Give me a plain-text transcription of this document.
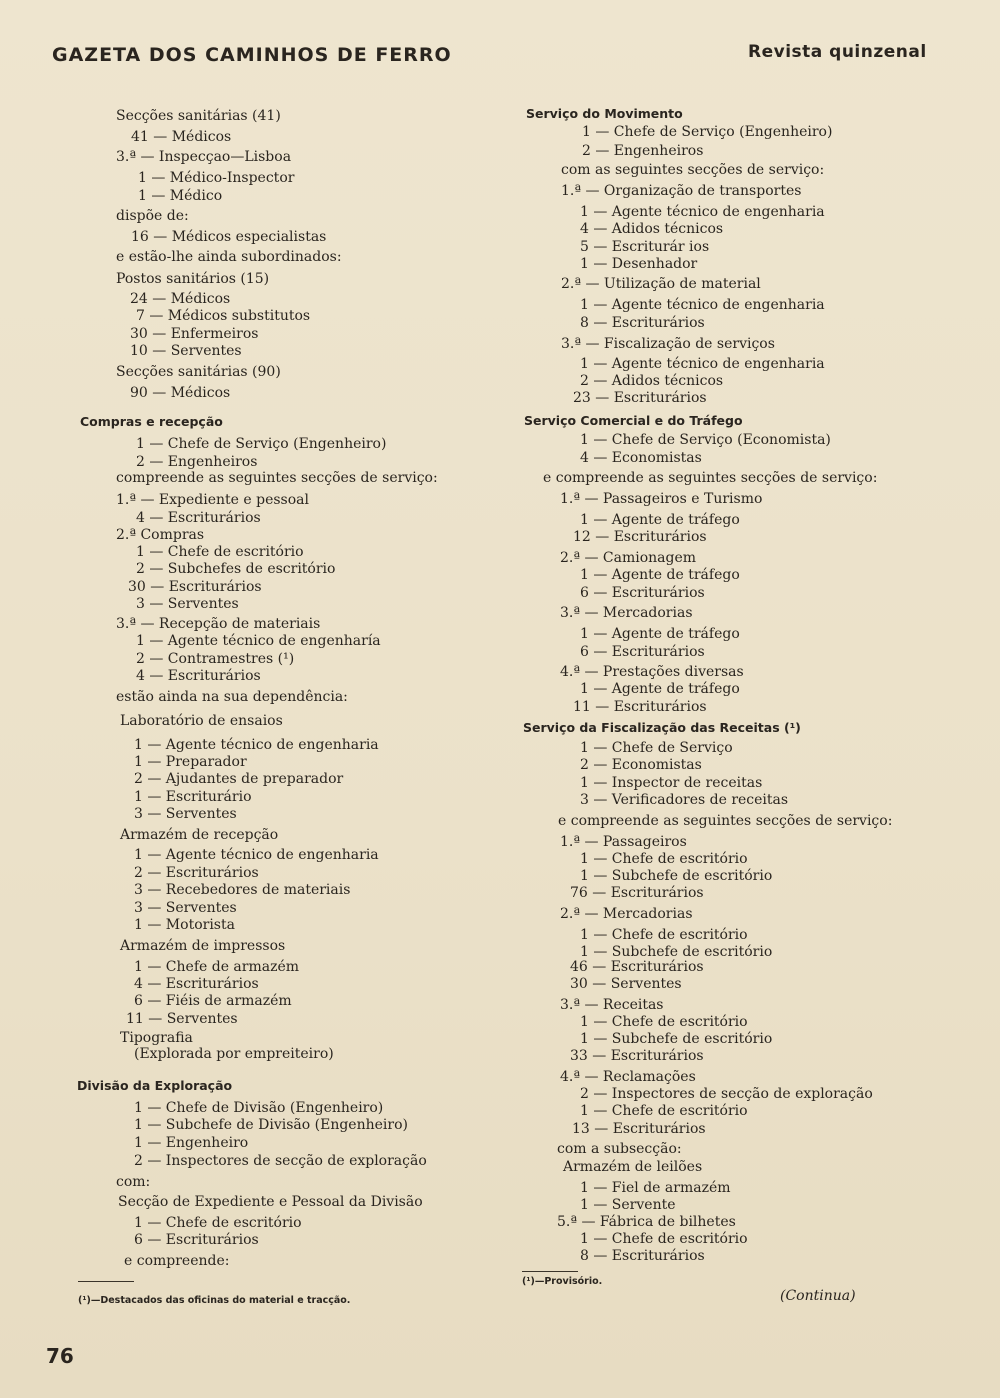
GAZETA DOS CAMINHOS DE FERRO	Revista quinzenal
Secções sanitárias (41)
41 — Médicos
3.ª — Inspecçao—Lisboa
1 — Médico-Inspector
1 — Médico
dispõe de:
16 — Médicos especialistas
e estão-lhe ainda subordinados:
Postos sanitários (15)
24 — Médicos
7 — Médicos substitutos
30 — Enfermeiros
10 — Serventes
Secções sanitárias (90)
90 — Médicos
Compras e recepção
1 — Chefe de Serviço (Engenheiro)
2 — Engenheiros
compreende as seguintes secções de serviço:
1.ª — Expediente e pessoal
4 — Escriturários
2.ª Compras
1 — Chefe de escritório
2 — Subchefes de escritório
30 — Escriturários
3 — Serventes
3.ª — Recepção de materiais
1 — Agente técnico de engenharía
2 — Contramestres (¹)
4 — Escriturários
estão ainda na sua dependência:
Laboratório de ensaios
1 — Agente técnico de engenharia
1 — Preparador
2 — Ajudantes de preparador
1 — Escriturário
3 — Serventes
Armazém de recepção
1 — Agente técnico de engenharia
2 — Escriturários
3 — Recebedores de materiais
3 — Serventes
1 — Motorista
Armazém de impressos
1 — Chefe de armazém
4 — Escriturários
6 — Fiéis de armazém
11 — Serventes
Tipografia
(Explorada por empreiteiro)
Divisão da Exploração
1 — Chefe de Divisão (Engenheiro)
1 — Subchefe de Divisão (Engenheiro)
1 — Engenheiro
2 — Inspectores de secção de exploração
com:
Secção de Expediente e Pessoal da Divisão
1 — Chefe de escritório
6 — Escriturários
e compreende:
Serviço do Movimento
1 — Chefe de Serviço (Engenheiro)
2 — Engenheiros
com as seguintes secções de serviço:
1.ª — Organização de transportes
1 — Agente técnico de engenharia
4 — Adidos técnicos
5 — Escriturár ios
1 — Desenhador
2.ª — Utilização de material
1 — Agente técnico de engenharia
8 — Escriturários
3.ª — Fiscalização de serviços
1 — Agente técnico de engenharia
2 — Adidos técnicos
23 — Escriturários
Serviço Comercial e do Tráfego
1 — Chefe de Serviço (Economista)
4 — Economistas
e compreende as seguintes secções de serviço:
1.ª — Passageiros e Turismo
1 — Agente de tráfego
12 — Escriturários
2.ª — Camionagem
1 — Agente de tráfego
6 — Escriturários
3.ª — Mercadorias
1 — Agente de tráfego
6 — Escriturários
4.ª — Prestações diversas
1 — Agente de tráfego
11 — Escriturários
Serviço da Fiscalização das Receitas (¹)
1 — Chefe de Serviço
2 — Economistas
1 — Inspector de receitas
3 — Verificadores de receitas
e compreende as seguintes secções de serviço:
1.ª — Passageiros
1 — Chefe de escritório
1 — Subchefe de escritório
76 — Escriturários
2.ª — Mercadorias
1 — Chefe de escritório
1 — Subchefe de escritório
46 — Escriturários
30 — Serventes
3.ª — Receitas
1 — Chefe de escritório
1 — Subchefe de escritório
33 — Escriturários
4.ª — Reclamações
2 — Inspectores de secção de exploração
1 — Chefe de escritório
13 — Escriturários
com a subsecção:
Armazém de leilões
1 — Fiel de armazém
1 — Servente
5.ª — Fábrica de bilhetes
1 — Chefe de escritório
8 — Escriturários
(¹)—Destacados das oficinas do material e tracção.
(¹)—Provisório.
(Continua)
76
